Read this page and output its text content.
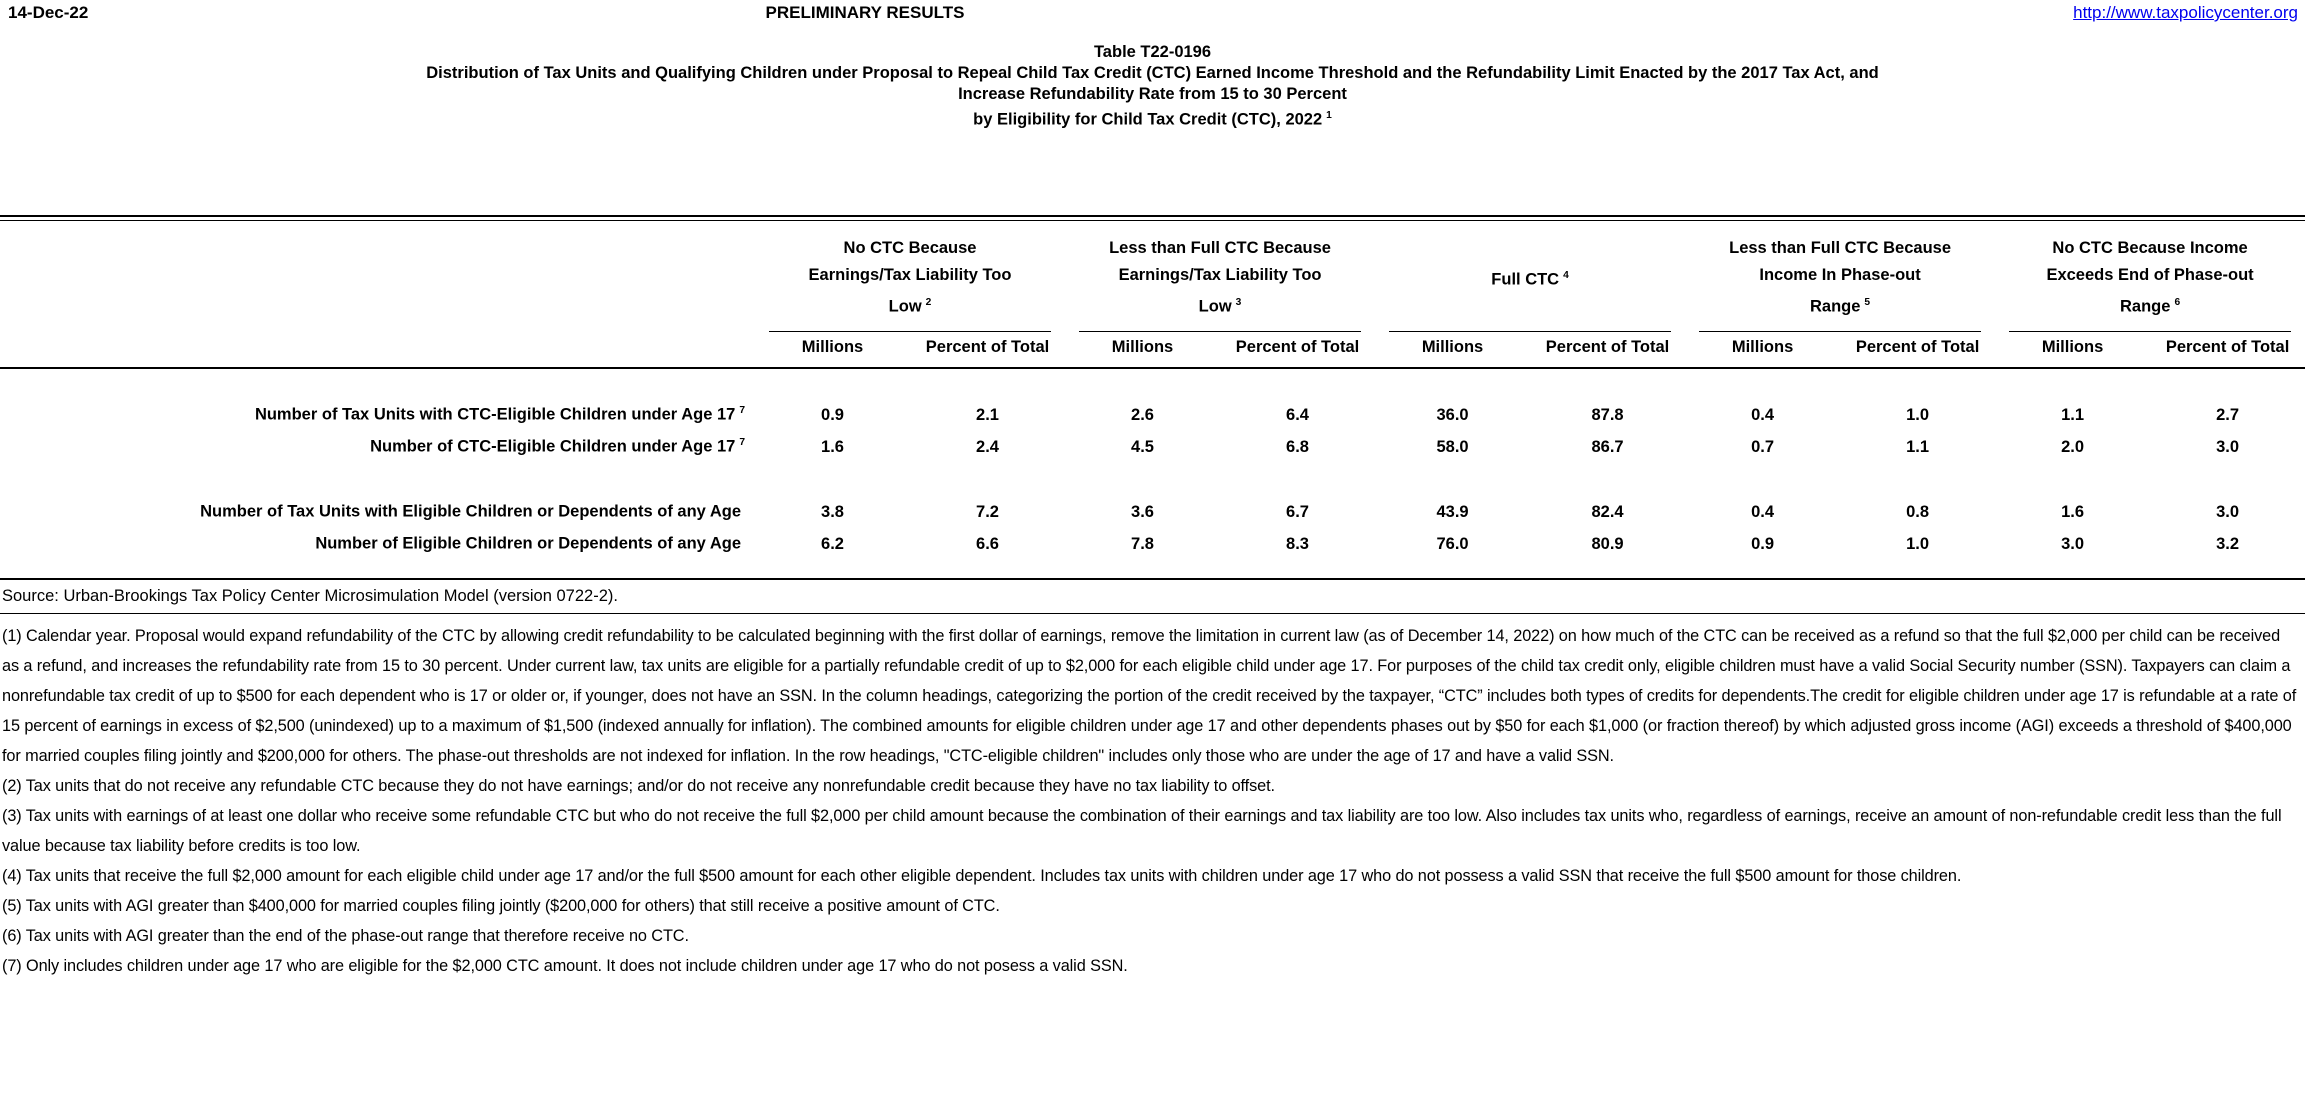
14-Dec-22	PRELIMINARY RESULTS	http://www.taxpolicycenter.org
Table T22-0196
Distribution of Tax Units and Qualifying Children under Proposal to Repeal Child Tax Credit (CTC) Earned Income Threshold and the Refundability Limit Enacted by the 2017 Tax Act, and
Increase Refundability Rate from 15 to 30 Percent
by Eligibility for Child Tax Credit (CTC), 2022 $^1$

No CTC Because
Earnings/Tax Liability Too
Low $^2$

Less than Full CTC Because
Earnings/Tax Liability Too
Low $^3$

Full CTC $^4$

Less than Full CTC Because
Income In Phase-out
Range $^5$

No CTC Because Income
Exceeds End of Phase-out
Range $^6$

	Millions	Percent of Total	Millions	Percent of Total	Millions	Percent of Total	Millions	Percent of Total	Millions	Percent of Total

Number of Tax Units with CTC-Eligible Children under Age 17 $^7$	0.9	2.1	2.6	6.4	36.0	87.8	0.4	1.0	1.1	2.7
Number of CTC-Eligible Children under Age 17 $^7$	1.6	2.4	4.5	6.8	58.0	86.7	0.7	1.1	2.0	3.0

Number of Tax Units with Eligible Children or Dependents of any Age	3.8	7.2	3.6	6.7	43.9	82.4	0.4	0.8	1.6	3.0
Number of Eligible Children or Dependents of any Age	6.2	6.6	7.8	8.3	76.0	80.9	0.9	1.0	3.0	3.2

Source: Urban-Brookings Tax Policy Center Microsimulation Model (version 0722-2).

(1) Calendar year. Proposal would expand refundability of the CTC by allowing credit refundability to be calculated beginning with the first dollar of earnings, remove the limitation in current law (as of December 14, 2022) on how much of the CTC can be received as a refund so that the full $2,000 per child can be received as a refund, and increases the refundability rate from 15 to 30 percent. Under current law, tax units are eligible for a partially refundable credit of up to $2,000 for each eligible child under age 17. For purposes of the child tax credit only, eligible children must have a valid Social Security number (SSN). Taxpayers can claim a nonrefundable tax credit of up to $500 for each dependent who is 17 or older or, if younger, does not have an SSN. In the column headings, categorizing the portion of the credit received by the taxpayer, “CTC” includes both types of credits for dependents.The credit for eligible children under age 17 is refundable at a rate of 15 percent of earnings in excess of $2,500 (unindexed) up to a maximum of $1,500 (indexed annually for inflation). The combined amounts for eligible children under age 17 and other dependents phases out by $50 for each $1,000 (or fraction thereof) by which adjusted gross income (AGI) exceeds a threshold of $400,000 for married couples filing jointly and $200,000 for others. The phase-out thresholds are not indexed for inflation. In the row headings, "CTC-eligible children" includes only those who are under the age of 17 and have a valid SSN.

(2) Tax units that do not receive any refundable CTC because they do not have earnings; and/or do not receive any nonrefundable credit because they have no tax liability to offset.

(3) Tax units with earnings of at least one dollar who receive some refundable CTC but who do not receive the full $2,000 per child amount because the combination of their earnings and tax liability are too low. Also includes tax units who, regardless of earnings, receive an amount of non-refundable credit less than the full value because tax liability before credits is too low.

(4) Tax units that receive the full $2,000 amount for each eligible child under age 17 and/or the full $500 amount for each other eligible dependent. Includes tax units with children under age 17 who do not possess a valid SSN that receive the full $500 amount for those children.

(5) Tax units with AGI greater than $400,000 for married couples filing jointly ($200,000 for others) that still receive a positive amount of CTC.

(6) Tax units with AGI greater than the end of the phase-out range that therefore receive no CTC.

(7) Only includes children under age 17 who are eligible for the $2,000 CTC amount. It does not include children under age 17 who do not posess a valid SSN.
